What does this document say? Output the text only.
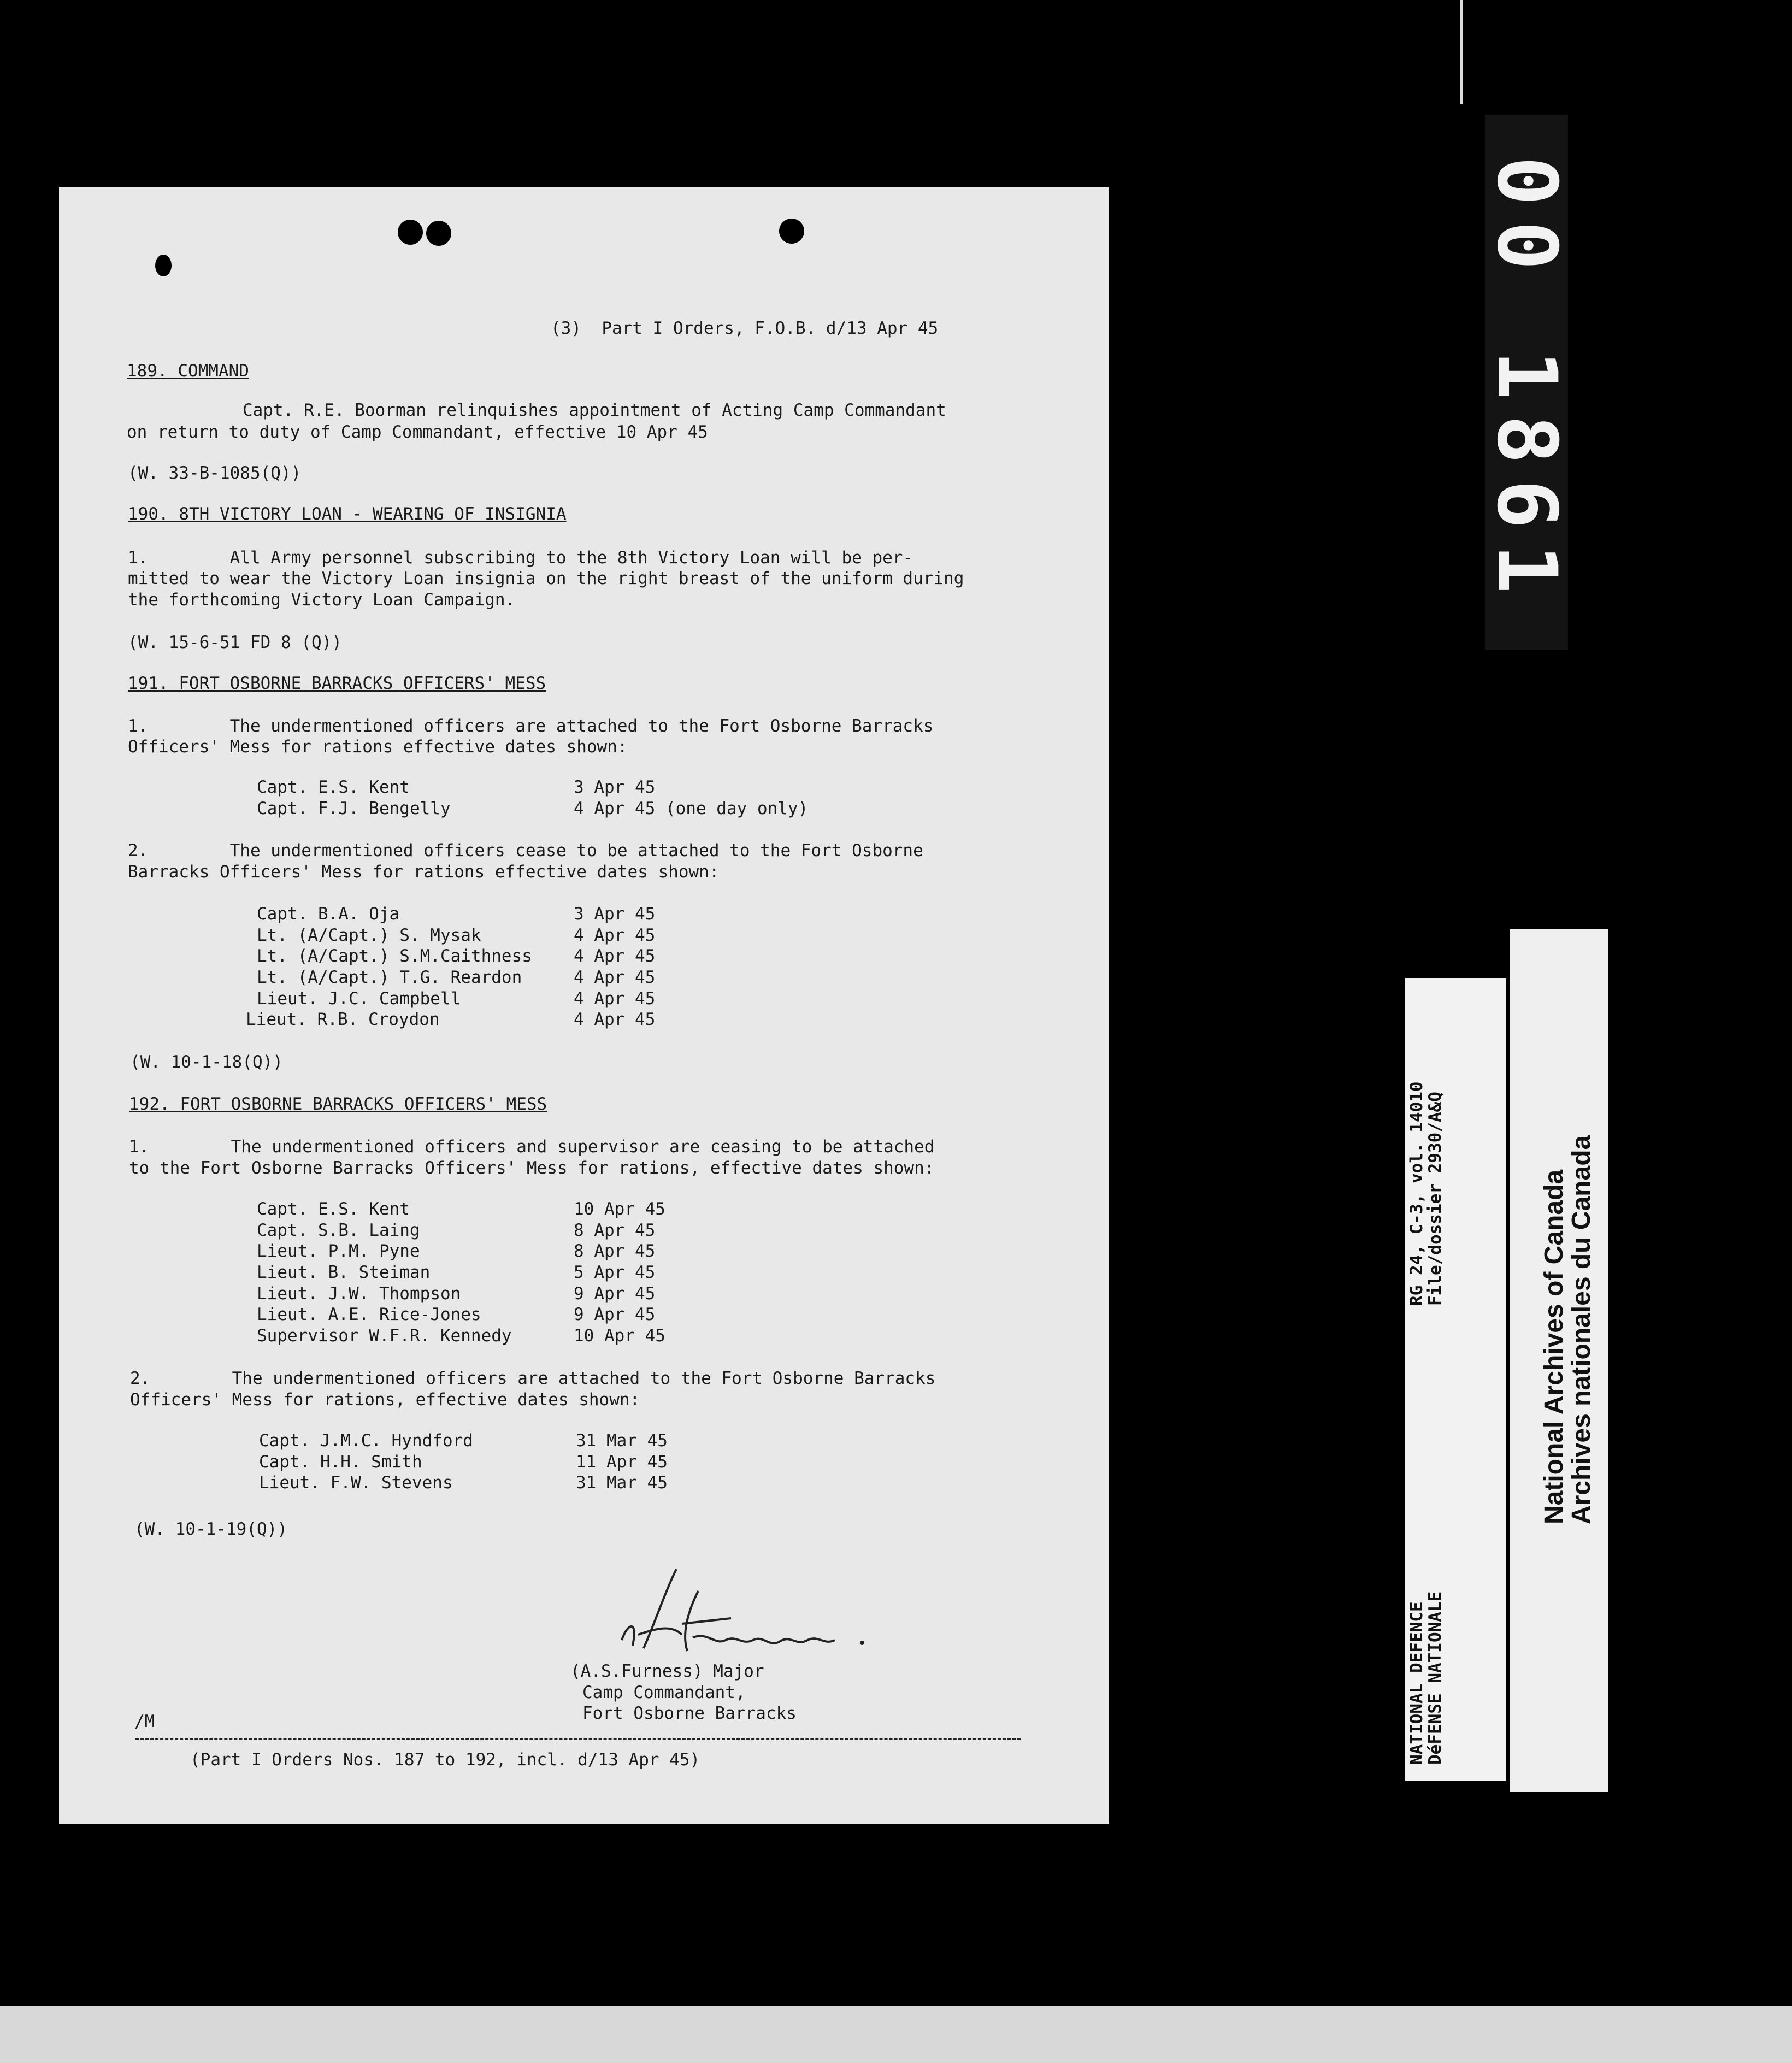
(3)  Part I Orders, F.O.B. d/13 Apr 45
189. COMMAND
Capt. R.E. Boorman relinquishes appointment of Acting Camp Commandant
on return to duty of Camp Commandant, effective 10 Apr 45
(W. 33-B-1085(Q))
190. 8TH VICTORY LOAN - WEARING OF INSIGNIA
1.        All Army personnel subscribing to the 8th Victory Loan will be per-
mitted to wear the Victory Loan insignia on the right breast of the uniform during
the forthcoming Victory Loan Campaign.
(W. 15-6-51 FD 8 (Q))
191. FORT OSBORNE BARRACKS OFFICERS' MESS
1.        The undermentioned officers are attached to the Fort Osborne Barracks
Officers' Mess for rations effective dates shown:
Capt. E.S. Kent	3 Apr 45
Capt. F.J. Bengelly	4 Apr 45 (one day only)
2.        The undermentioned officers cease to be attached to the Fort Osborne
Barracks Officers' Mess for rations effective dates shown:
Capt. B.A. Oja	3 Apr 45
Lt. (A/Capt.) S. Mysak	4 Apr 45
Lt. (A/Capt.) S.M.Caithness	4 Apr 45
Lt. (A/Capt.) T.G. Reardon	4 Apr 45
Lieut. J.C. Campbell	4 Apr 45
Lieut. R.B. Croydon	4 Apr 45
(W. 10-1-18(Q))
192. FORT OSBORNE BARRACKS OFFICERS' MESS
1.        The undermentioned officers and supervisor are ceasing to be attached
to the Fort Osborne Barracks Officers' Mess for rations, effective dates shown:
Capt. E.S. Kent	10 Apr 45
Capt. S.B. Laing	8 Apr 45
Lieut. P.M. Pyne	8 Apr 45
Lieut. B. Steiman	5 Apr 45
Lieut. J.W. Thompson	9 Apr 45
Lieut. A.E. Rice-Jones	9 Apr 45
Supervisor W.F.R. Kennedy	10 Apr 45
2.        The undermentioned officers are attached to the Fort Osborne Barracks
Officers' Mess for rations, effective dates shown:
Capt. J.M.C. Hyndford	31 Mar 45
Capt. H.H. Smith	11 Apr 45
Lieut. F.W. Stevens	31 Mar 45
(W. 10-1-19(Q))
(A.S.Furness) Major
Camp Commandant,
Fort Osborne Barracks
/M
(Part I Orders Nos. 187 to 192, incl. d/13 Apr 45)
00 1861
RG 24, C-3, vol. 14010
File/dossier 2930/A&Q
NATIONAL DEFENCE
DéFENSE NATIONALE
National Archives of Canada
Archives nationales du Canada
